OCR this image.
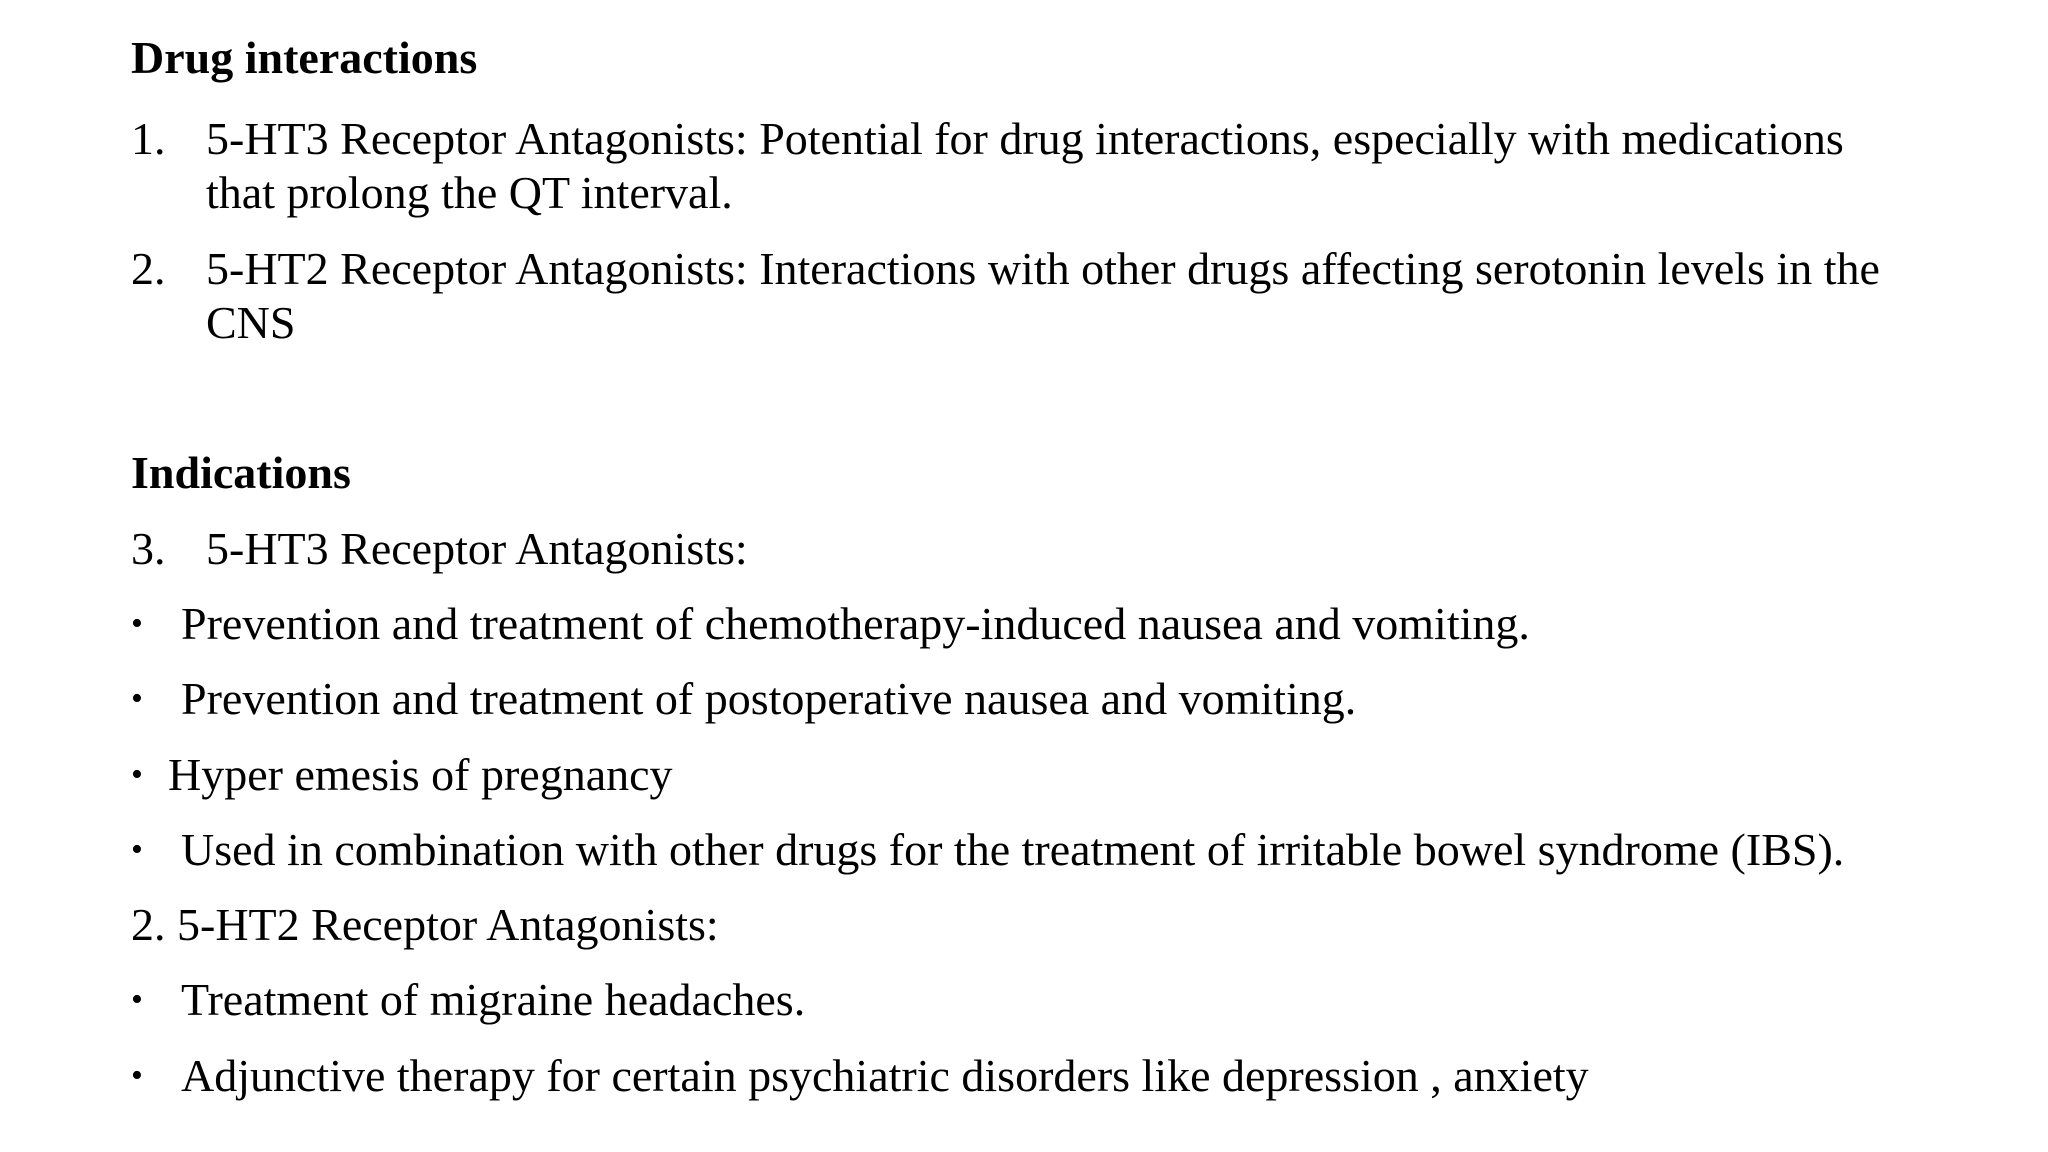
Drug interactions
1. 5-HT3 Receptor Antagonists: Potential for drug interactions, especially with medications
that prolong the QT interval.
2. 5-HT2 Receptor Antagonists: Interactions with other drugs affecting serotonin levels in the
CNS
Indications
3. 5-HT3 Receptor Antagonists:
• Prevention and treatment of chemotherapy-induced nausea and vomiting.
• Prevention and treatment of postoperative nausea and vomiting.
• Hyper emesis of pregnancy
• Used in combination with other drugs for the treatment of irritable bowel syndrome (IBS).
2. 5-HT2 Receptor Antagonists:
• Treatment of migraine headaches.
• Adjunctive therapy for certain psychiatric disorders like depression , anxiety
